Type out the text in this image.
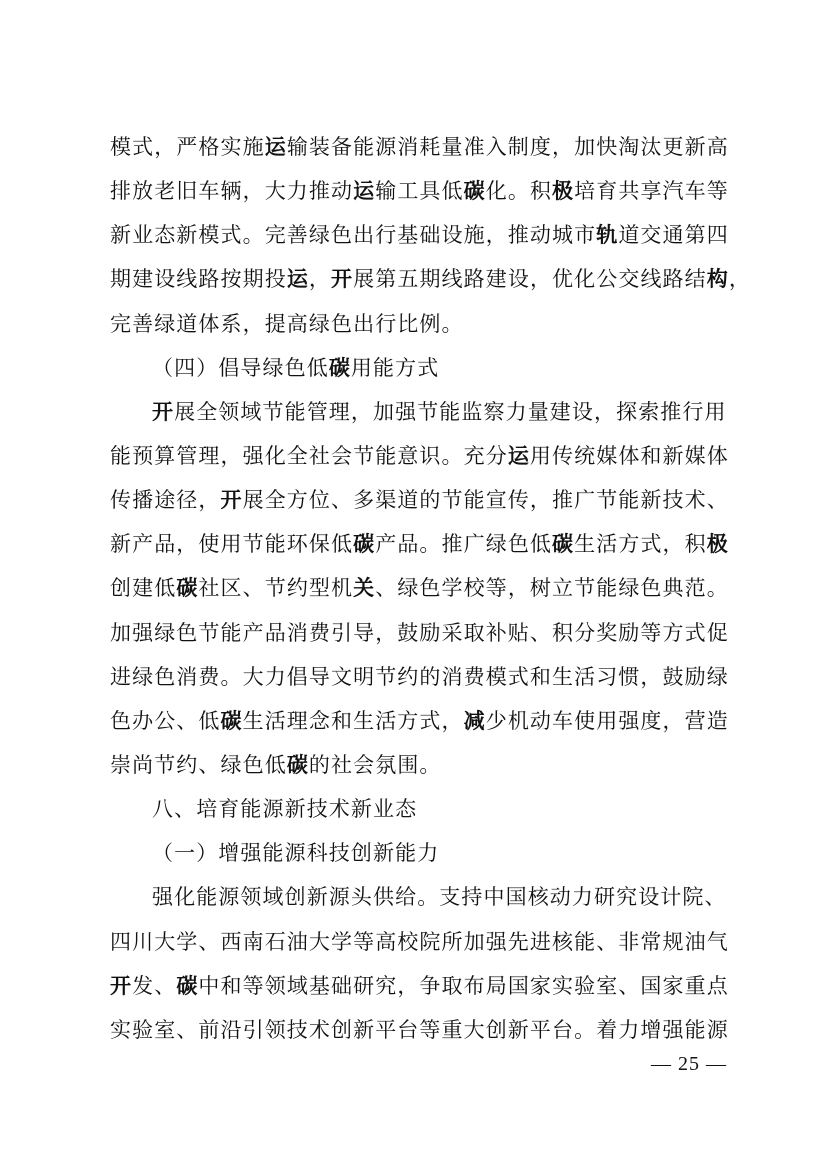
模式，严格实施运输装备能源消耗量准入制度，加快淘汰更新高
排放老旧车辆，大力推动运输工具低碳化。积极培育共享汽车等
新业态新模式。完善绿色出行基础设施，推动城市轨道交通第四
期建设线路按期投运，开展第五期线路建设，优化公交线路结构，
完善绿道体系，提高绿色出行比例。
（四）倡导绿色低碳用能方式
开展全领域节能管理，加强节能监察力量建设，探索推行用
能预算管理，强化全社会节能意识。充分运用传统媒体和新媒体
传播途径，开展全方位、多渠道的节能宣传，推广节能新技术、
新产品，使用节能环保低碳产品。推广绿色低碳生活方式，积极
创建低碳社区、节约型机关、绿色学校等，树立节能绿色典范。
加强绿色节能产品消费引导，鼓励采取补贴、积分奖励等方式促
进绿色消费。大力倡导文明节约的消费模式和生活习惯，鼓励绿
色办公、低碳生活理念和生活方式，减少机动车使用强度，营造
崇尚节约、绿色低碳的社会氛围。
八、培育能源新技术新业态
（一）增强能源科技创新能力
强化能源领域创新源头供给。支持中国核动力研究设计院、
四川大学、西南石油大学等高校院所加强先进核能、非常规油气
开发、碳中和等领域基础研究，争取布局国家实验室、国家重点
实验室、前沿引领技术创新平台等重大创新平台。着力增强能源
— 25 —
